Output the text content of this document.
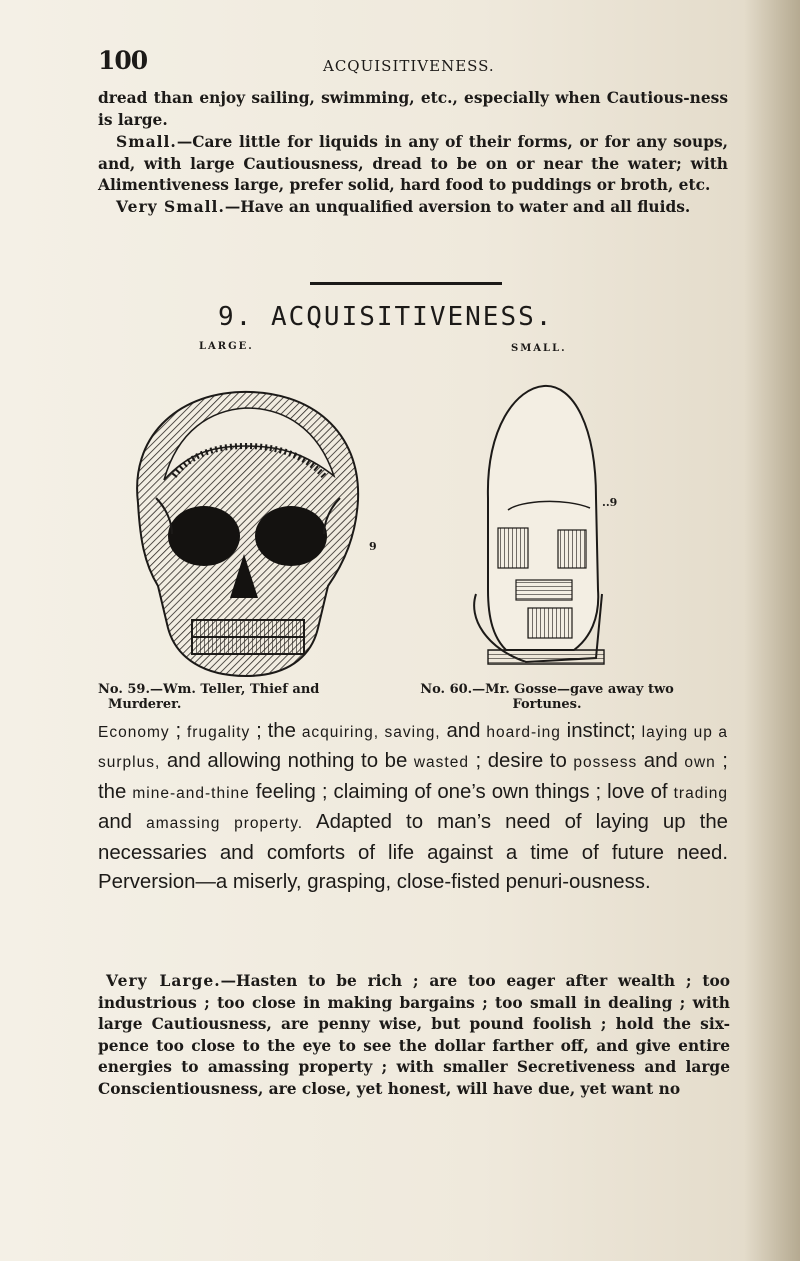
100	ACQUISITIVENESS.

dread than enjoy sailing, swimming, etc., especially when Cautious-ness is large.

Small.—Care little for liquids in any of their forms, or for any soups, and, with large Cautiousness, dread to be on or near the water; with Alimentiveness large, prefer solid, hard food to puddings or broth, etc.

Very Small.—Have an unqualified aversion to water and all fluids.

9. ACQUISITIVENESS.
LARGE.	SMALL.
9
..9

No. 59.—Wm. Teller, Thief and
Murderer.

No. 60.—Mr. Gosse—gave away two
Fortunes.

Economy ; frugality ; the acquiring, saving, and hoard-ing instinct; laying up a surplus, and allowing nothing to be wasted ; desire to possess and own ; the mine-and-thine feeling ; claiming of one’s own things ; love of trading and amassing property. Adapted to man’s need of laying up the necessaries and comforts of life against a time of future need. Perversion—a miserly, grasping, close-fisted penuri-ousness.

Very Large.—Hasten to be rich ; are too eager after wealth ; too industrious ; too close in making bargains ; too small in dealing ; with large Cautiousness, are penny wise, but pound foolish ; hold the six-pence too close to the eye to see the dollar farther off, and give entire energies to amassing property ; with smaller Secretiveness and large Conscientiousness, are close, yet honest, will have due, yet want no
